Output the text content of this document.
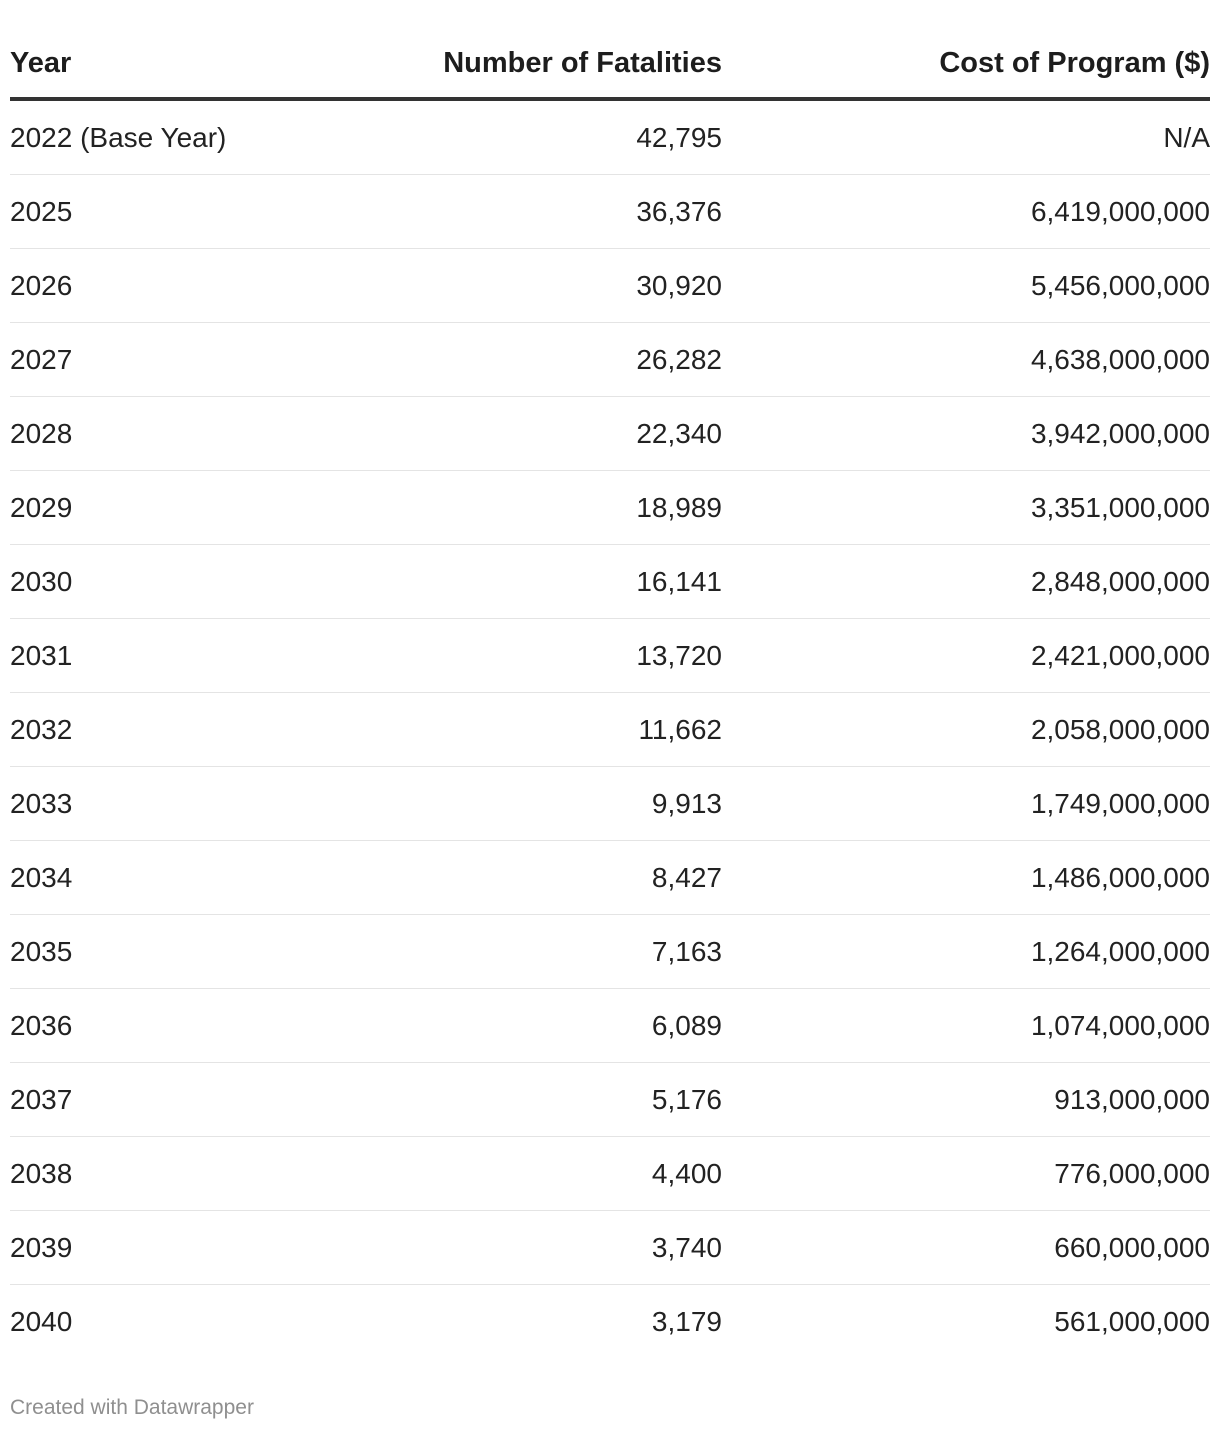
Year	Number of Fatalities	Cost of Program ($)
2022 (Base Year)	42,795	N/A
2025	36,376	6,419,000,000
2026	30,920	5,456,000,000
2027	26,282	4,638,000,000
2028	22,340	3,942,000,000
2029	18,989	3,351,000,000
2030	16,141	2,848,000,000
2031	13,720	2,421,000,000
2032	11,662	2,058,000,000
2033	9,913	1,749,000,000
2034	8,427	1,486,000,000
2035	7,163	1,264,000,000
2036	6,089	1,074,000,000
2037	5,176	913,000,000
2038	4,400	776,000,000
2039	3,740	660,000,000
2040	3,179	561,000,000
Created with Datawrapper
